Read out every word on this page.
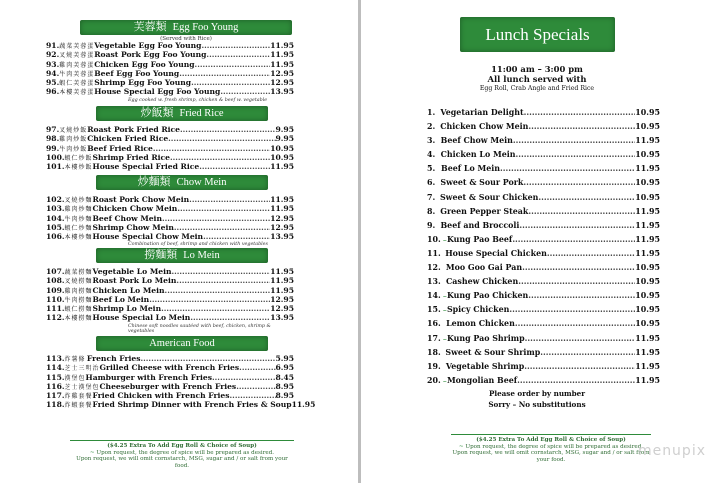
芙蓉類 Egg Foo Young
(Served with Rice)
91. 蔬菜芙蓉蛋 Vegetable Egg Foo Young .....	11.95
92. 叉燒芙蓉蛋 Roast Pork Egg Foo Young .....	11.95
93. 雞肉芙蓉蛋 Chicken Egg Foo Young .....	11.95
94. 牛肉芙蓉蛋 Beef Egg Foo Young .....	12.95
95. 蝦仁芙蓉蛋 Shrimp Egg Foo Young .....	12.95
96. 本樓芙蓉蛋 House Special Egg Foo Young .....	13.95
Egg cooked w. fresh shrimp, chicken & beef w. vegetable
炒飯類 Fried Rice
97. 叉燒炒飯 Roast Pork Fried Rice .....	9.95
98. 雞肉炒飯 Chicken Fried Rice .....	9.95
99. 牛肉炒飯 Beef Fried Rice .....	10.95
100. 蝦仁炒飯 Shrimp Fried Rice .....	10.95
101. 本樓炒飯 House Special Fried Rice .....	11.95
炒麵類 Chow Mein
102. 叉燒炒麵 Roast Pork Chow Mein .....	11.95
103. 雞肉炒麵 Chicken Chow Mein .....	11.95
104. 牛肉炒麵 Beef Chow Mein .....	12.95
105. 蝦仁炒麵 Shrimp Chow Mein .....	12.95
106. 本樓炒麵 House Special Chow Mein .....	13.95
Combination of beef, shrimp and chicken with vegetables
撈麵類 Lo Mein
107. 蔬菜撈麵 Vegetable Lo Mein .....	11.95
108. 叉燒撈麵 Roast Pork Lo Mein .....	11.95
109. 雞肉撈麵 Chicken Lo Mein .....	11.95
110. 牛肉撈麵 Beef Lo Mein .....	12.95
111. 蝦仁撈麵 Shrimp Lo Mein .....	12.95
112. 本樓撈麵 House Special Lo Mein .....	13.95
Chinese soft noodles sautéed with beef, chicken, shrimp & vegetables
American Food
113. 炸薯條 French Fries .....	5.95
114. 芝士三明治 Grilled Cheese with French Fries .....	6.95
115. 漢堡包 Hamburger with French Fries .....	8.45
116. 芝士漢堡包 Cheeseburger with French Fries .....	8.95
117. 炸雞套餐 Fried Chicken with French Fries .....	8.95
118. 炸蝦套餐 Fried Shrimp Dinner with French Fries & Soup 11.95
($4.25 Extra To Add Egg Roll & Choice of Soup)
~ Upon request, the degree of spice will be prepared as desired.
Upon request, we will omit cornstarch, MSG, sugar and / or salt from your food.
Lunch Specials
11:00 am – 3:00 pm
All lunch served with
Egg Roll, Crab Angle and Fried Rice
1. Vegetarian Delight .....	10.95
2. Chicken Chow Mein .....	10.95
3. Beef Chow Mein .....	11.95
4. Chicken Lo Mein .....	10.95
5. Beef Lo Mein .....	11.95
6. Sweet & Sour Pork .....	10.95
7. Sweet & Sour Chicken .....	10.95
8. Green Pepper Steak .....	11.95
9. Beef and Broccoli .....	11.95
10. ~ Kung Pao Beef .....	11.95
11. House Special Chicken .....	11.95
12. Moo Goo Gai Pan .....	10.95
13. Cashew Chicken .....	10.95
14. ~ Kung Pao Chicken .....	10.95
15. ~ Spicy Chicken .....	10.95
16. Lemon Chicken .....	10.95
17. ~ Kung Pao Shrimp .....	11.95
18. Sweet & Sour Shrimp .....	11.95
19. Vegetable Shrimp .....	11.95
20. ~ Mongolian Beef .....	11.95
Please order by number
Sorry – No substitutions
($4.25 Extra To Add Egg Roll & Choice of Soup)
~ Upon request, the degree of spice will be prepared as desired.
Upon request, we will omit cornstarch, MSG, sugar and / or salt from your food.
menupix
